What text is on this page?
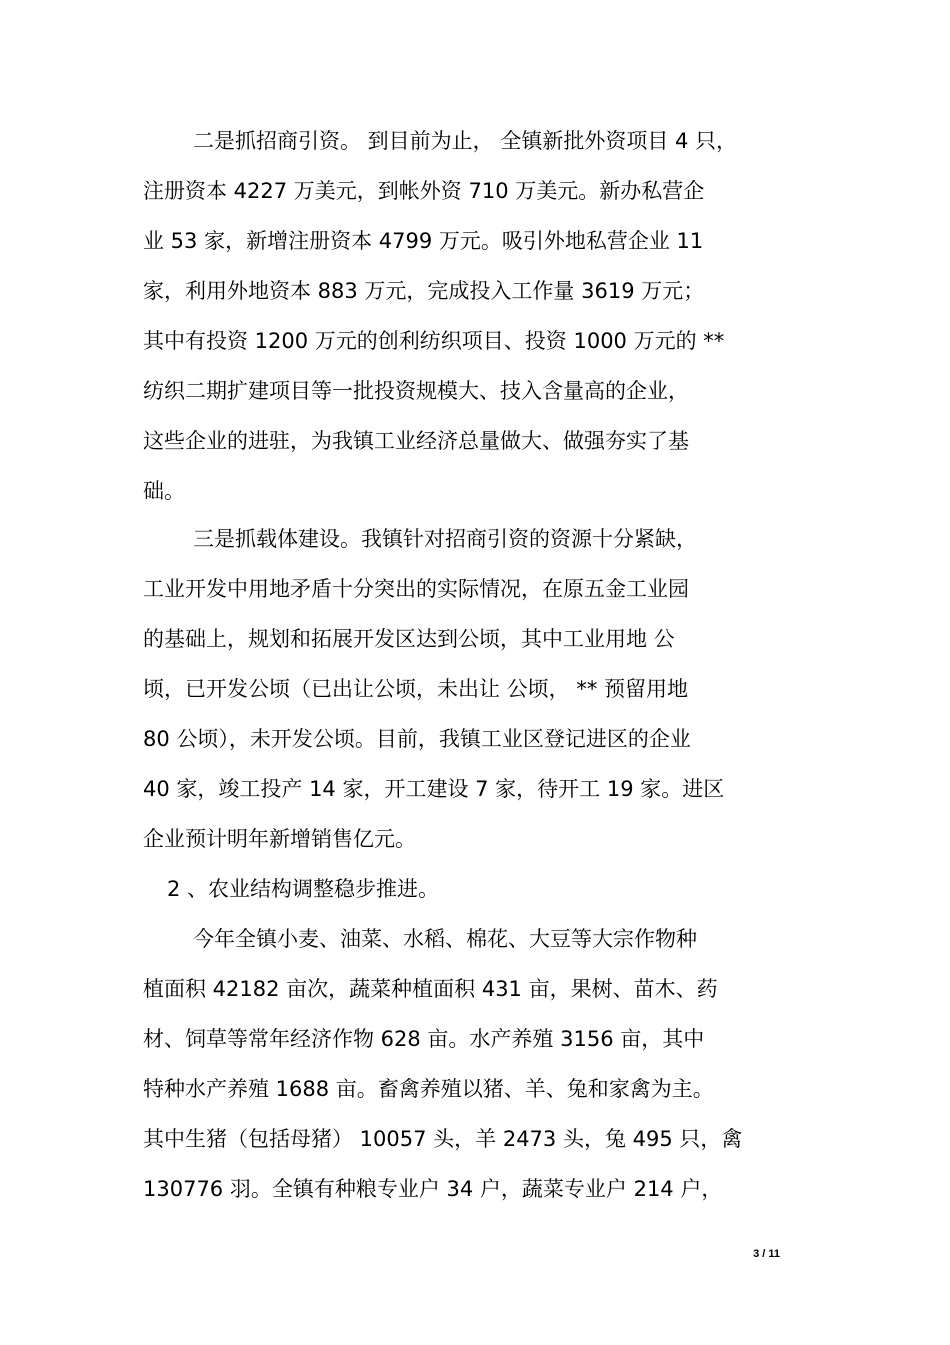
二是抓招商引资。 到目前为止， 全镇新批外资项目 4 只，
注册资本 4227 万美元，到帐外资 710 万美元。新办私营企
业 53 家，新增注册资本 4799 万元。吸引外地私营企业 11
家，利用外地资本 883 万元，完成投入工作量 3619 万元；
其中有投资 1200 万元的创利纺织项目、投资 1000 万元的 **
纺织二期扩建项目等一批投资规模大、技入含量高的企业，
这些企业的进驻，为我镇工业经济总量做大、做强夯实了基
础。
三是抓载体建设。我镇针对招商引资的资源十分紧缺，
工业开发中用地矛盾十分突出的实际情况，在原五金工业园
的基础上，规划和拓展开发区达到公顷，其中工业用地 公
顷，已开发公顷（已出让公顷，未出让 公顷， ** 预留用地
80 公顷），未开发公顷。目前，我镇工业区登记进区的企业
40 家，竣工投产 14 家，开工建设 7 家，待开工 19 家。进区
企业预计明年新增销售亿元。
2 、农业结构调整稳步推进。
今年全镇小麦、油菜、水稻、棉花、大豆等大宗作物种
植面积 42182 亩次，蔬菜种植面积 431 亩，果树、苗木、药
材、饲草等常年经济作物 628 亩。水产养殖 3156 亩，其中
特种水产养殖 1688 亩。畜禽养殖以猪、羊、兔和家禽为主。
其中生猪（包括母猪） 10057 头，羊 2473 头，兔 495 只，禽
130776 羽。全镇有种粮专业户 34 户，蔬菜专业户 214 户，
3 / 11
